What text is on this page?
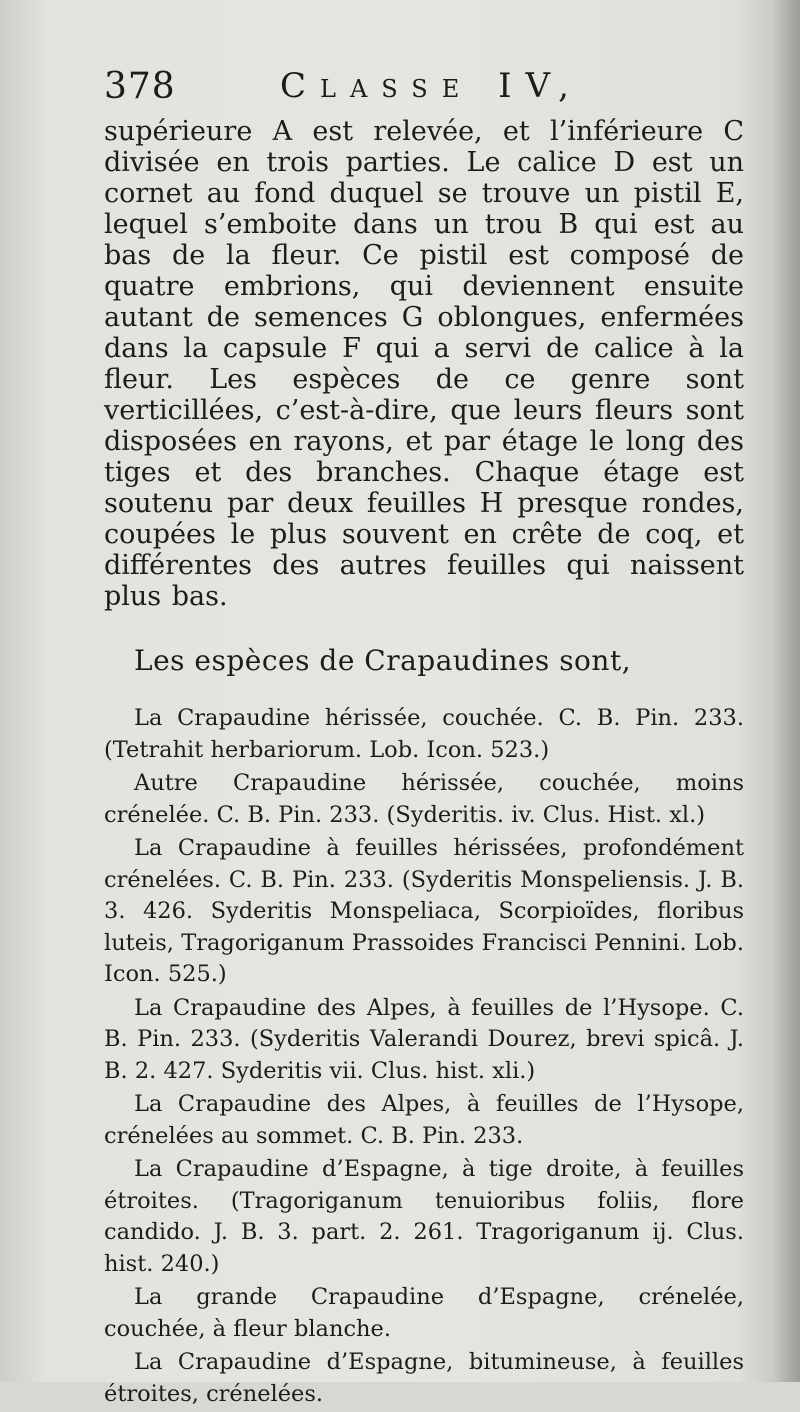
378	Classe IV,

supérieure A est relevée, et l’inférieure C divisée en trois parties. Le calice D est un cornet au fond duquel se trouve un pistil E, lequel s’emboite dans un trou B qui est au bas de la fleur. Ce pistil est composé de quatre embrions, qui deviennent ensuite autant de semences G oblongues, enfermées dans la capsule F qui a servi de calice à la fleur. Les espèces de ce genre sont verticillées, c’est-à-dire, que leurs fleurs sont disposées en rayons, et par étage le long des tiges et des branches. Chaque étage est soutenu par deux feuilles H presque rondes, coupées le plus souvent en crête de coq, et différentes des autres feuilles qui naissent plus bas.

Les espèces de Crapaudines sont,
La Crapaudine hérissée, couchée. C. B. Pin. 233. (Tetrahit herbariorum. Lob. Icon. 523.)
Autre Crapaudine hérissée, couchée, moins crénelée. C. B. Pin. 233. (Syderitis. iv. Clus. Hist. xl.)
La Crapaudine à feuilles hérissées, profondément crénelées. C. B. Pin. 233. (Syderitis Monspeliensis. J. B. 3. 426. Syderitis Monspeliaca, Scorpioïdes, floribus luteis, Tragoriganum Prassoides Francisci Pennini. Lob. Icon. 525.)
La Crapaudine des Alpes, à feuilles de l’Hysope. C. B. Pin. 233. (Syderitis Valerandi Dourez, brevi spicâ. J. B. 2. 427. Syderitis vii. Clus. hist. xli.)
La Crapaudine des Alpes, à feuilles de l’Hysope, crénelées au sommet. C. B. Pin. 233.
La Crapaudine d’Espagne, à tige droite, à feuilles étroites. (Tragoriganum tenuioribus foliis, flore candido. J. B. 3. part. 2. 261. Tragoriganum ij. Clus. hist. 240.)
La grande Crapaudine d’Espagne, crénelée, couchée, à fleur blanche.
La Crapaudine d’Espagne, bitumineuse, à feuilles étroites, crénelées.
